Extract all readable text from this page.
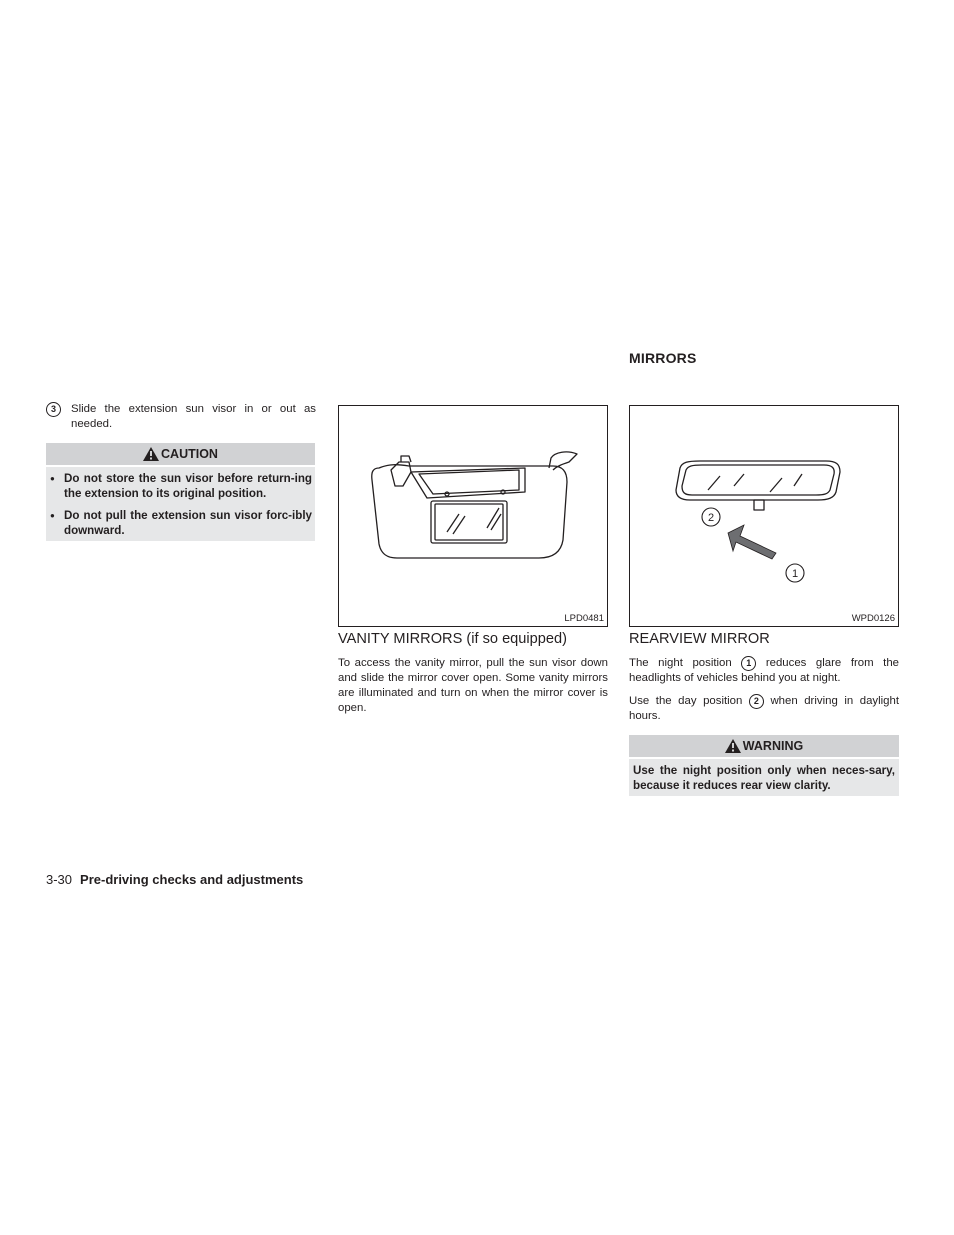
MIRRORS
3	Slide the extension sun visor in or out as needed.
CAUTION
● Do not store the sun visor before return-ing the extension to its original position.
● Do not pull the extension sun visor forc-ibly downward.
LPD0481
2
1
WPD0126
VANITY MIRRORS (if so equipped)
To access the vanity mirror, pull the sun visor down and slide the mirror cover open. Some vanity mirrors are illuminated and turn on when the mirror cover is open.
REARVIEW MIRROR
The night position 1 reduces glare from the headlights of vehicles behind you at night.
Use the day position 2 when driving in daylight hours.
WARNING
Use the night position only when neces-sary, because it reduces rear view clarity.
3-30 Pre-driving checks and adjustments
